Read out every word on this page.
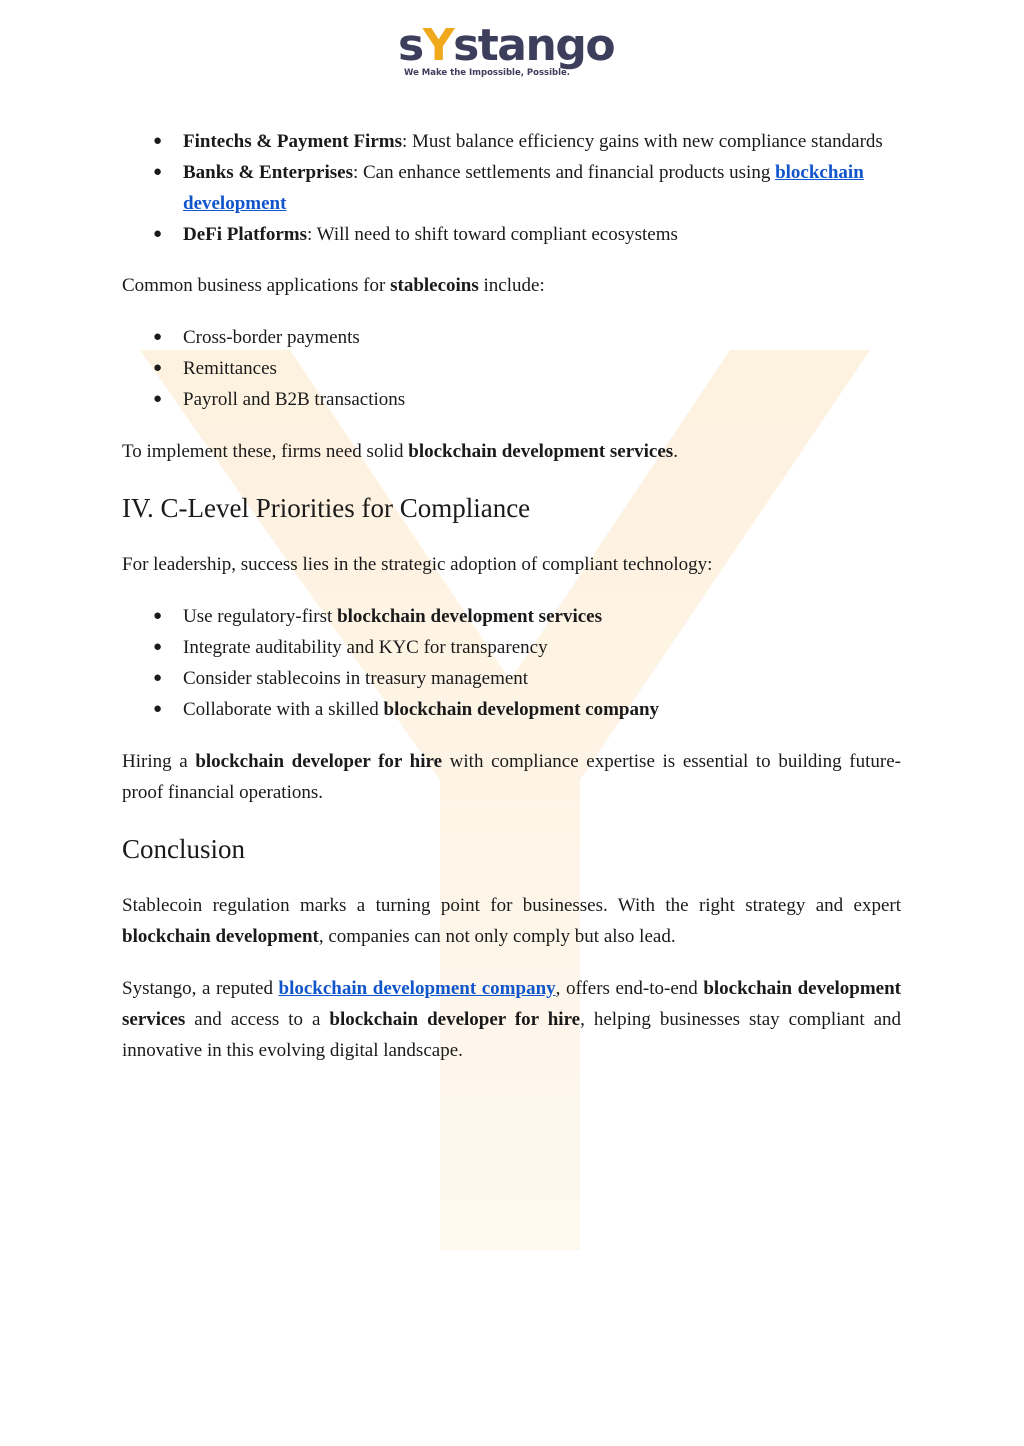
sYstango
We Make the Impossible, Possible.
● Fintechs & Payment Firms: Must balance efficiency gains with new compliance standards
● Banks & Enterprises: Can enhance settlements and financial products using blockchain development
● DeFi Platforms: Will need to shift toward compliant ecosystems

Common business applications for stablecoins include:

● Cross-border payments
● Remittances
● Payroll and B2B transactions

To implement these, firms need solid blockchain development services.

IV. C-Level Priorities for Compliance

For leadership, success lies in the strategic adoption of compliant technology:

● Use regulatory-first blockchain development services
● Integrate auditability and KYC for transparency
● Consider stablecoins in treasury management
● Collaborate with a skilled blockchain development company

Hiring a blockchain developer for hire with compliance expertise is essential to building future-proof financial operations.

Conclusion

Stablecoin regulation marks a turning point for businesses. With the right strategy and expert blockchain development, companies can not only comply but also lead.

Systango, a reputed blockchain development company, offers end-to-end blockchain development services and access to a blockchain developer for hire, helping businesses stay compliant and innovative in this evolving digital landscape.
